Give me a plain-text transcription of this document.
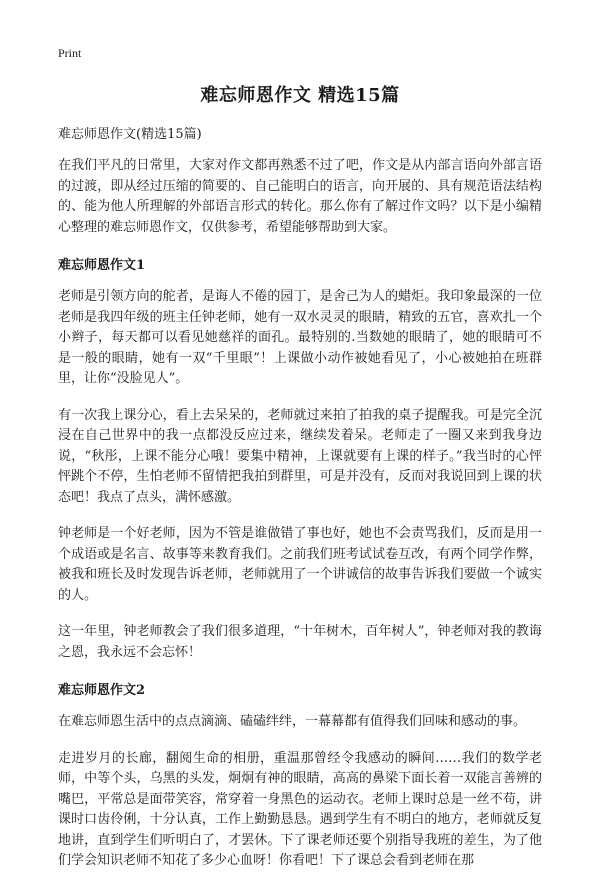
Print
难忘师恩作文 精选15篇
难忘师恩作文(精选15篇)

在我们平凡的日常里，大家对作文都再熟悉不过了吧，作文是从内部言语向外部言语的过渡，即从经过压缩的简要的、自己能明白的语言，向开展的、具有规范语法结构的、能为他人所理解的外部语言形式的转化。那么你有了解过作文吗？以下是小编精心整理的难忘师恩作文，仅供参考，希望能够帮助到大家。

难忘师恩作文1

老师是引领方向的舵者，是诲人不倦的园丁，是舍己为人的蜡炬。我印象最深的一位老师是我四年级的班主任钟老师，她有一双水灵灵的眼睛，精致的五官，喜欢扎一个小辫子，每天都可以看见她慈祥的面孔。最特别的.当数她的眼睛了，她的眼睛可不是一般的眼睛，她有一双“千里眼”！上课做小动作被她看见了，小心被她拍在班群里，让你“没脸见人”。

有一次我上课分心，看上去呆呆的，老师就过来拍了拍我的桌子提醒我。可是完全沉浸在自己世界中的我一点都没反应过来，继续发着呆。老师走了一圈又来到我身边说，“秋彤，上课不能分心哦！要集中精神，上课就要有上课的样子。”我当时的心怦怦跳个不停，生怕老师不留情把我拍到群里，可是并没有，反而对我说回到上课的状态吧！我点了点头，满怀感激。

钟老师是一个好老师，因为不管是谁做错了事也好，她也不会责骂我们，反而是用一个成语或是名言、故事等来教育我们。之前我们班考试试卷互改，有两个同学作弊，被我和班长及时发现告诉老师，老师就用了一个讲诚信的故事告诉我们要做一个诚实的人。

这一年里，钟老师教会了我们很多道理，“十年树木，百年树人”，钟老师对我的教诲之恩，我永远不会忘怀！

难忘师恩作文2

在难忘师恩生活中的点点滴滴、磕磕绊绊，一幕幕都有值得我们回味和感动的事。

走进岁月的长廊，翻阅生命的相册，重温那曾经令我感动的瞬间……我们的数学老师，中等个头，乌黑的头发，炯炯有神的眼睛，高高的鼻梁下面长着一双能言善辨的嘴巴，平常总是面带笑容，常穿着一身黑色的运动衣。老师上课时总是一丝不苟，讲课时口齿伶俐，十分认真，工作上勤勤恳恳。遇到学生有不明白的地方，老师就反复地讲，直到学生们听明白了，才罢休。下了课老师还要个别指导我班的差生，为了他们学会知识老师不知花了多少心血呀！你看吧！下了课总会看到老师在那
